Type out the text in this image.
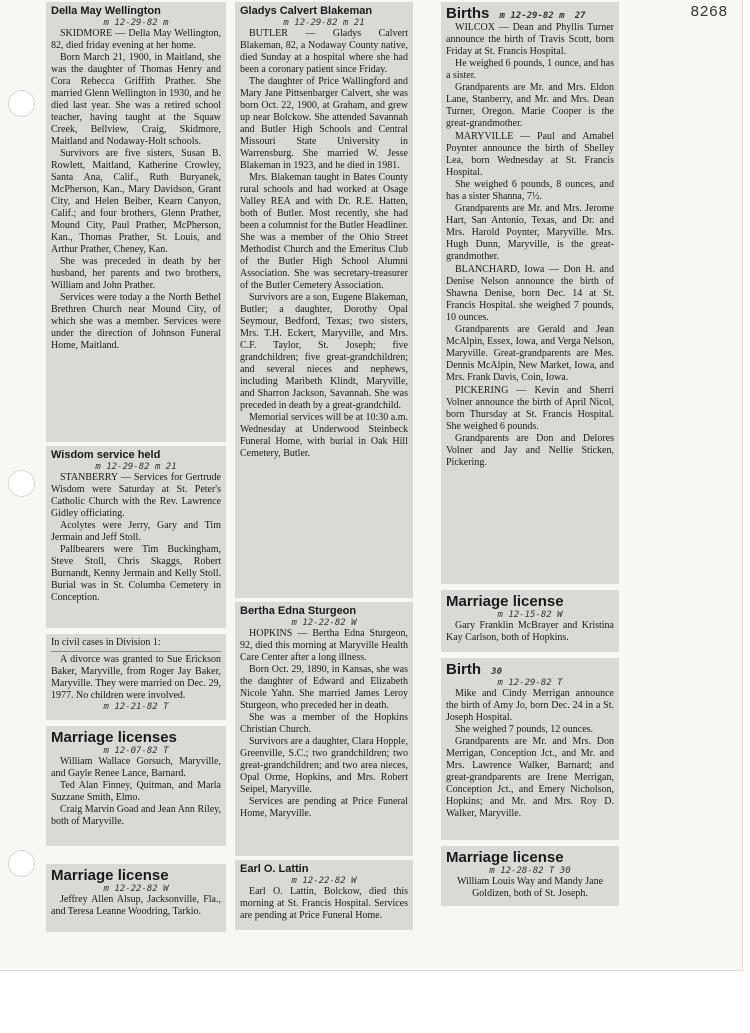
8268
Della May Wellington
m 12-29-82 m

SKIDMORE — Della May Wellington, 82, died friday evening at her home.

Born March 21, 1900, in Maitland, she was the daughter of Thomas Henry and Cora Rebecca Griffith Prather. She married Glenn Wellington in 1930, and he died last year. She was a retired school teacher, having taught at the Squaw Creek, Bellview, Craig, Skidmore, Maitland and Nodaway-Holt schools.

Survivors are five sisters, Susan B. Rowlett, Maitland, Katherine Crowley, Santa Ana, Calif., Ruth Buryanek, McPherson, Kan., Mary Davidson, Grant City, and Helen Beiber, Kearn Canyon, Calif.; and four brothers, Glenn Prather, Mound City, Paul Prather, McPherson, Kan., Thomas Prather, St. Louis, and Arthur Prather, Cheney, Kan.

She was preceded in death by her husband, her parents and two brothers, William and John Prather.

Services were today a the North Bethel Brethren Church near Mound City, of which she was a member. Services were under the direction of Johnson Funeral Home, Maitland.

Wisdom service held
m 12-29-82 m 21

STANBERRY — Services for Gertrude Wisdom were Saturday at St. Peter's Catholic Church with the Rev. Lawrence Gidley officiating.

Acolytes were Jerry, Gary and Tim Jermain and Jeff Stoll.

Pallbearers were Tim Buckingham, Steve Stoll, Chris Skaggs, Robert Burnandt, Kenny Jermain and Kelly Stoll. Burial was in St. Columba Cemetery in Conception.

In civil cases in Division 1:

A divorce was granted to Sue Erickson Baker, Maryville, from Roger Jay Baker, Maryville. They were married on Dec. 29, 1977. No children were involved.

m 12-21-82 T
Marriage licenses
m 12-07-82 T

William Wallace Gorsuch, Maryville, and Gayle Renee Lance, Barnard.

Ted Alan Finney, Quitman, and Marla Suzzane Smith, Elmo.

Craig Marvin Goad and Jean Ann Riley, both of Maryville.

Marriage license
m 12-22-82 W

Jeffrey Allen Alsup, Jacksonville, Fla., and Teresa Leanne Woodring, Tarkio.

Gladys Calvert Blakeman
m 12-29-82 m 21

BUTLER — Gladys Calvert Blakeman, 82, a Nodaway County native, died Sunday at a hospital where she had been a coronary patient since Friday.

The daughter of Price Wallingford and Mary Jane Pittsenbarger Calvert, she was born Oct. 22, 1900, at Graham, and grew up near Bolckow. She attended Savannah and Butler High Schools and Central Missouri State University in Warrensburg. She married W. Jesse Blakeman in 1923, and he died in 1981.

Mrs. Blakeman taught in Bates County rural schools and had worked at Osage Valley REA and with Dr. R.E. Hatten, both of Butler. Most recently, she had been a columnist for the Butler Headliner. She was a member of the Ohio Street Methodist Church and the Emeritus Club of the Butler High School Alumni Association. She was secretary-treasurer of the Butler Cemetery Association.

Survivors are a son, Eugene Blakeman, Butler; a daughter, Dorothy Opal Seymour, Bedford, Texas; two sisters, Mrs. T.H. Eckert, Maryville, and Mrs. C.F. Taylor, St. Joseph; five grandchildren; five great-grandchildren; and several nieces and nephews, including Maribeth Klindt, Maryville, and Sharron Jackson, Savannah. She was preceded in death by a great-grandchild.

Memorial services will be at 10:30 a.m. Wednesday at Underwood Steinbeck Funeral Home, with burial in Oak Hill Cemetery, Butler.

Bertha Edna Sturgeon
m 12-22-82 W

HOPKINS — Bertha Edna Sturgeon, 92, died this morning at Maryville Health Care Center after a long illness.

Born Oct. 29, 1890, in Kansas, she was the daughter of Edward and Elizabeth Nicole Yahn. She married James Leroy Sturgeon, who preceded her in death.

She was a member of the Hopkins Christian Church.

Survivors are a daughter, Clara Hopple, Greenville, S.C.; two grandchildren; two great-grandchildren; and two area nieces, Opal Orme, Hopkins, and Mrs. Robert Seipel, Maryville.

Services are pending at Price Funeral Home, Maryville.

Earl O. Lattin
m 12-22-82 W

Earl O. Lattin, Bolckow, died this morning at St. Francis Hospital. Services are pending at Price Funeral Home.

Births m 12-29-82 m 27

WILCOX — Dean and Phyllis Turner announce the birth of Travis Scott, born Friday at St. Francis Hospital.

He weighed 6 pounds, 1 ounce, and has a sister.

Grandparents are Mr. and Mrs. Eldon Lane, Stanberry, and Mr. and Mrs. Dean Turner, Oregon. Marie Cooper is the great-grandmother.

MARYVILLE — Paul and Amabel Poynter announce the birth of Shelley Lea, born Wednesday at St. Francis Hospital.

She weighed 6 pounds, 8 ounces, and has a sister Shanna, 7½.

Grandparents are Mr. and Mrs. Jerome Hart, San Antonio, Texas, and Dr. and Mrs. Harold Poynter, Maryville. Mrs. Hugh Dunn, Maryville, is the great-grandmother.

BLANCHARD, Iowa — Don H. and Denise Nelson announce the birth of Shawna Denise, born Dec. 14 at St. Francis Hospital. she weighed 7 pounds, 10 ounces.

Grandparents are Gerald and Jean McAlpin, Essex, Iowa, and Verga Nelson, Maryville. Great-grandparents are Mes. Dennis McAlpin, New Market, Iowa, and Mrs. Frank Davis, Coin, Iowa.

PICKERING — Kevin and Sherri Volner announce the birth of April Nicol, born Thursday at St. Francis Hospital. She weighed 6 pounds.

Grandparents are Don and Delores Volner and Jay and Nellie Sticken, Pickering.

Marriage license
m 12-15-82 W

Gary Franklin McBrayer and Kristina Kay Carlson, both of Hopkins.

Birth 30
m 12-29-82 T

Mike and Cindy Merrigan announce the birth of Amy Jo, born Dec. 24 in a St. Joseph Hospital.

She weighed 7 pounds, 12 ounces.

Grandparents are Mr. and Mrs. Don Merrigan, Conception Jct., and Mr. and Mrs. Lawrence Walker, Barnard; and great-grandparents are Irene Merrigan, Conception Jct., and Emery Nicholson, Hopkins; and Mr. and Mrs. Roy D. Walker, Maryville.

Marriage license
m 12-28-82 T 30

William Louis Way and Mandy Jane Goldizen, both of St. Joseph.
